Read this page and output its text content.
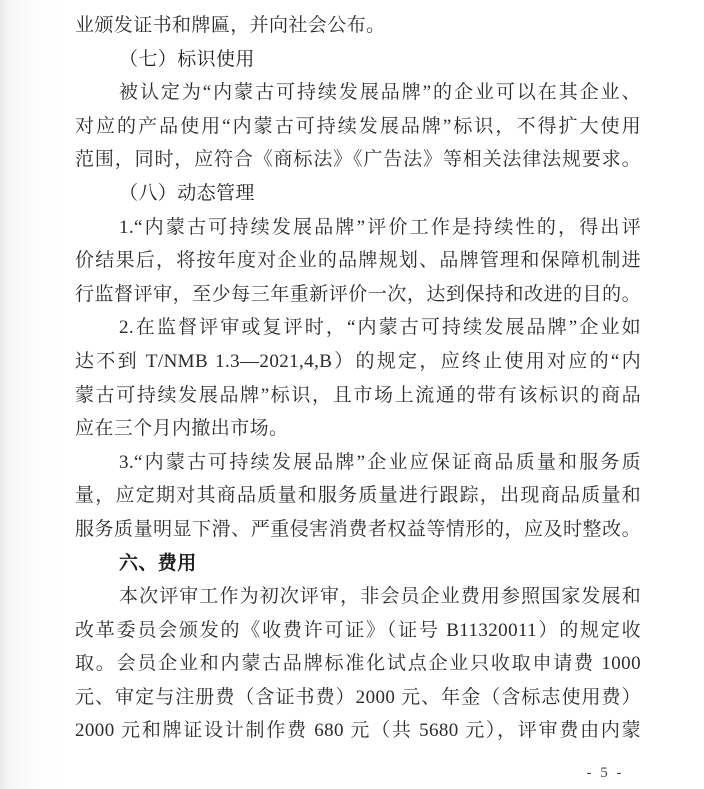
业颁发证书和牌匾，并向社会公布。
（七）标识使用
被认定为“内蒙古可持续发展品牌”的企业可以在其企业、
对应的产品使用“内蒙古可持续发展品牌”标识，不得扩大使用
范围，同时，应符合《商标法》《广告法》等相关法律法规要求。
（八）动态管理
1.“内蒙古可持续发展品牌”评价工作是持续性的，得出评
价结果后，将按年度对企业的品牌规划、品牌管理和保障机制进
行监督评审，至少每三年重新评价一次，达到保持和改进的目的。
2.在监督评审或复评时，“内蒙古可持续发展品牌”企业如
达不到 T/NMB 1.3—2021,4,B）的规定，应终止使用对应的“内
蒙古可持续发展品牌”标识，且市场上流通的带有该标识的商品
应在三个月内撤出市场。
3.“内蒙古可持续发展品牌”企业应保证商品质量和服务质
量，应定期对其商品质量和服务质量进行跟踪，出现商品质量和
服务质量明显下滑、严重侵害消费者权益等情形的，应及时整改。
六、费用
本次评审工作为初次评审，非会员企业费用参照国家发展和
改革委员会颁发的《收费许可证》（证号 B11320011）的规定收
取。会员企业和内蒙古品牌标准化试点企业只收取申请费 1000
元、审定与注册费（含证书费）2000 元、年金（含标志使用费）
2000 元和牌证设计制作费 680 元（共 5680 元），评审费由内蒙
- 5 -
